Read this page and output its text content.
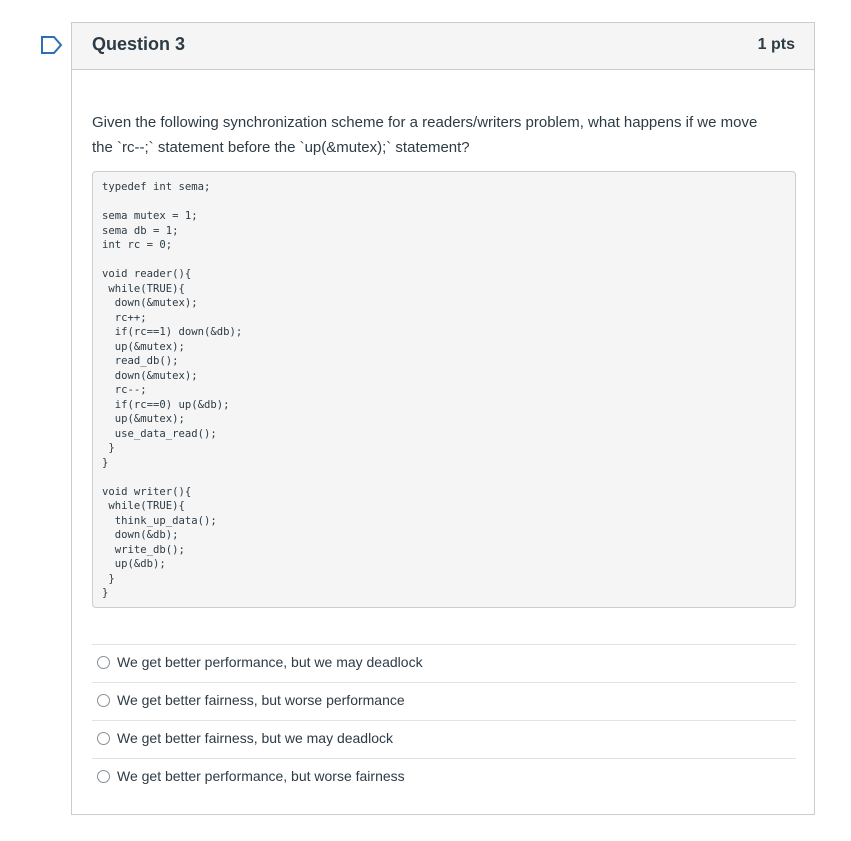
Question 3	1 pts
Given the following synchronization scheme for a readers/writers problem, what happens if we move the `rc--;` statement before the `up(&mutex);` statement?
typedef int sema;

sema mutex = 1;
sema db = 1;
int rc = 0;

void reader(){
while(TRUE){
down(&mutex);
rc++;
if(rc==1) down(&db);
up(&mutex);
read_db();
down(&mutex);
rc--;
if(rc==0) up(&db);
up(&mutex);
use_data_read();
}
}

void writer(){
while(TRUE){
think_up_data();
down(&db);
write_db();
up(&db);
}
}
We get better performance, but we may deadlock
We get better fairness, but worse performance
We get better fairness, but we may deadlock
We get better performance, but worse fairness
